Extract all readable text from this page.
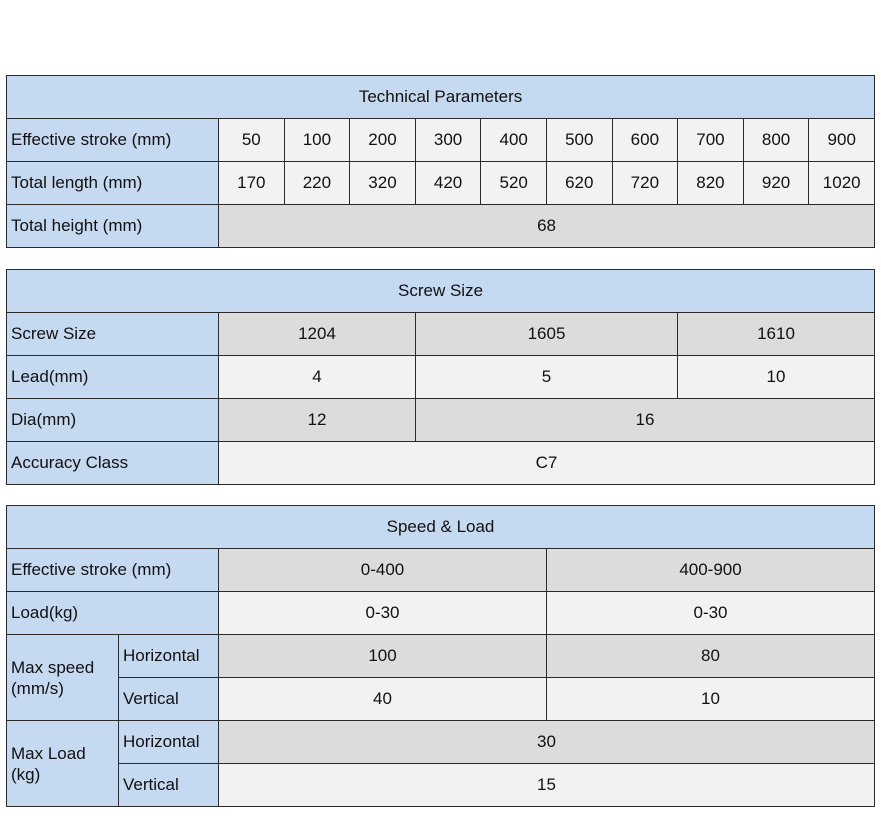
Technical Parameters										
Effective stroke (mm)	50	100	200	300	400	500	600	700	800	900
Total length (mm)	170	220	320	420	520	620	720	820	920	1020
Total height (mm)	68									
Screw Size			
Screw Size	1204	1605	1610
Lead(mm)	4	5	10
Dia(mm)	12	16	
Accuracy Class	C7		
Speed & Load			
Effective stroke (mm)		0-400	400-900
Load(kg)		0-30	0-30
Max speed (mm/s)	Horizontal	100	80
	Vertical	40	10
Max Load (kg)	Horizontal	30	
	Vertical	15	
